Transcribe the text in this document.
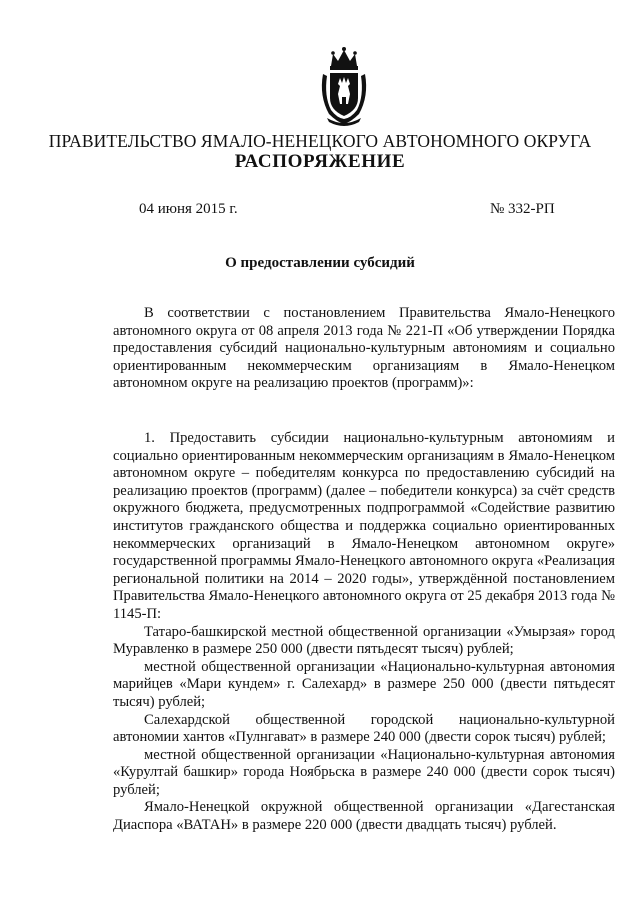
ПРАВИТЕЛЬСТВО ЯМАЛО-НЕНЕЦКОГО АВТОНОМНОГО ОКРУГА
РАСПОРЯЖЕНИЕ
04 июня 2015 г.	№ 332-РП
О предоставлении субсидий

В соответствии с постановлением Правительства Ямало-Ненецкого автономного округа от 08 апреля 2013 года № 221-П «Об утверждении Порядка предоставления субсидий национально-культурным автономиям и социально ориентированным некоммерческим организациям в Ямало-Ненецком автономном округе на реализацию проектов (программ)»:

1. Предоставить субсидии национально-культурным автономиям и социально ориентированным некоммерческим организациям в Ямало-Ненецком автономном округе – победителям конкурса по предоставлению субсидий на реализацию проектов (программ) (далее – победители конкурса) за счёт средств окружного бюджета, предусмотренных подпрограммой «Содействие развитию институтов гражданского общества и поддержка социально ориентированных некоммерческих организаций в Ямало-Ненецком автономном округе» государственной программы Ямало-Ненецкого автономного округа «Реализация региональной политики на 2014 – 2020 годы», утверждённой постановлением Правительства Ямало-Ненецкого автономного округа от 25 декабря 2013 года № 1145-П:

Татаро-башкирской местной общественной организации «Умырзая» город Муравленко в размере 250 000 (двести пятьдесят тысяч) рублей;

местной общественной организации «Национально-культурная автономия марийцев «Мари кундем» г. Салехард» в размере 250 000 (двести пятьдесят тысяч) рублей;

Салехардской общественной городской национально-культурной автономии хантов «Пулнгават» в размере 240 000 (двести сорок тысяч) рублей;

местной общественной организации «Национально-культурная автономия «Курултай башкир» города Ноябрьска в размере 240 000 (двести сорок тысяч) рублей;

Ямало-Ненецкой окружной общественной организации «Дагестанская Диаспора «ВАТАН» в размере 220 000 (двести двадцать тысяч) рублей.
